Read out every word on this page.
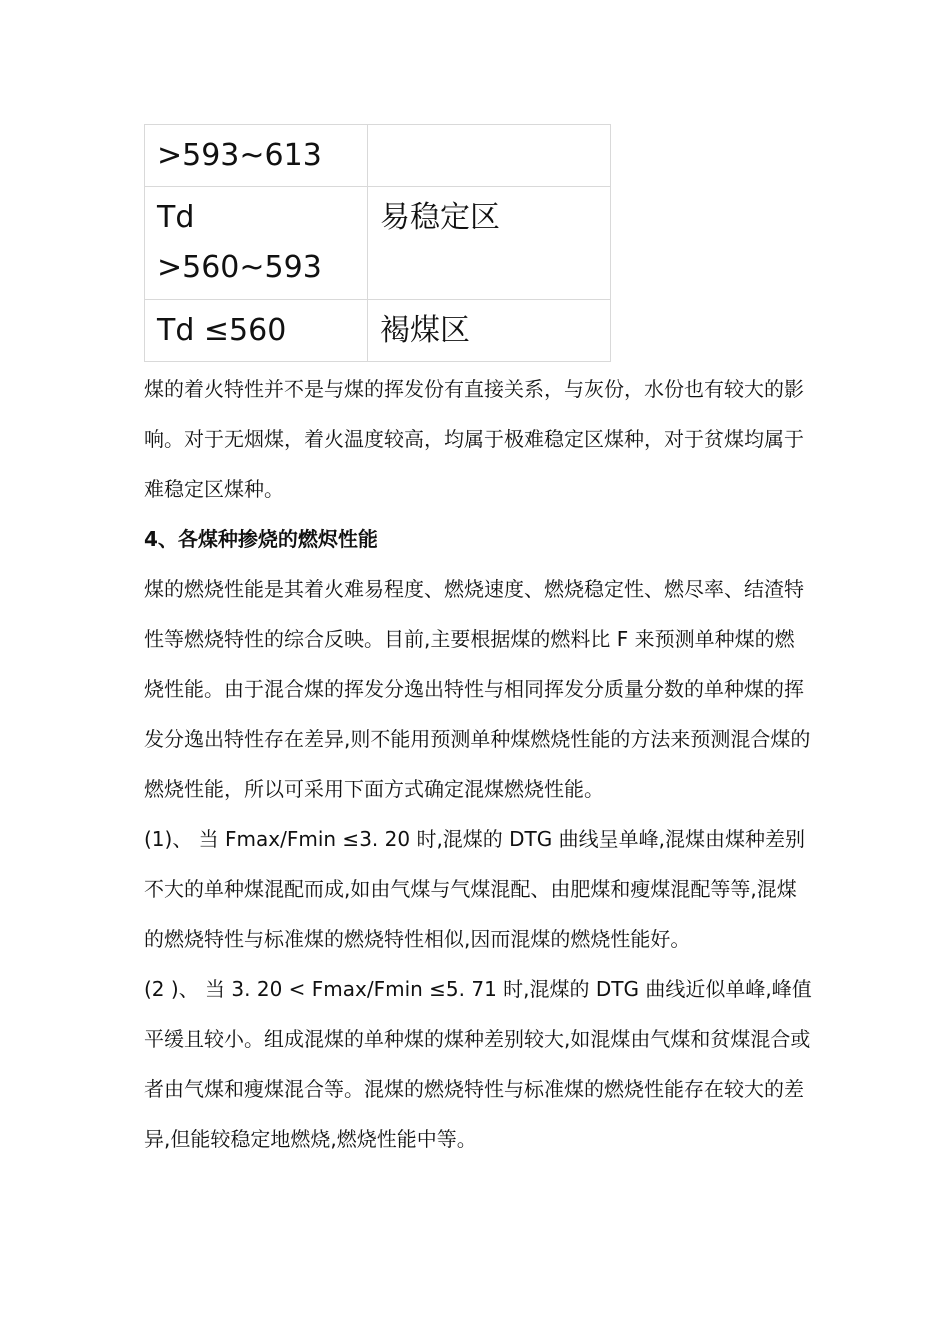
>593~613	

Td
>560~593	易稳定区

Td ≤560	褐煤区

煤的着火特性并不是与煤的挥发份有直接关系，与灰份，水份也有较大的影响。对于无烟煤，着火温度较高，均属于极难稳定区煤种，对于贫煤均属于难稳定区煤种。

4、各煤种掺烧的燃烬性能

煤的燃烧性能是其着火难易程度、燃烧速度、燃烧稳定性、燃尽率、结渣特性等燃烧特性的综合反映。目前,主要根据煤的燃料比 F 来预测单种煤的燃烧性能。由于混合煤的挥发分逸出特性与相同挥发分质量分数的单种煤的挥发分逸出特性存在差异,则不能用预测单种煤燃烧性能的方法来预测混合煤的燃烧性能，所以可采用下面方式确定混煤燃烧性能。

(1)、 当 Fmax/Fmin ≤3. 20 时,混煤的 DTG 曲线呈单峰,混煤由煤种差别不大的单种煤混配而成,如由气煤与气煤混配、由肥煤和瘦煤混配等等,混煤的燃烧特性与标准煤的燃烧特性相似,因而混煤的燃烧性能好。

(2 )、 当 3. 20 < Fmax/Fmin ≤5. 71 时,混煤的 DTG 曲线近似单峰,峰值平缓且较小。组成混煤的单种煤的煤种差别较大,如混煤由气煤和贫煤混合或者由气煤和瘦煤混合等。混煤的燃烧特性与标准煤的燃烧性能存在较大的差异,但能较稳定地燃烧,燃烧性能中等。
